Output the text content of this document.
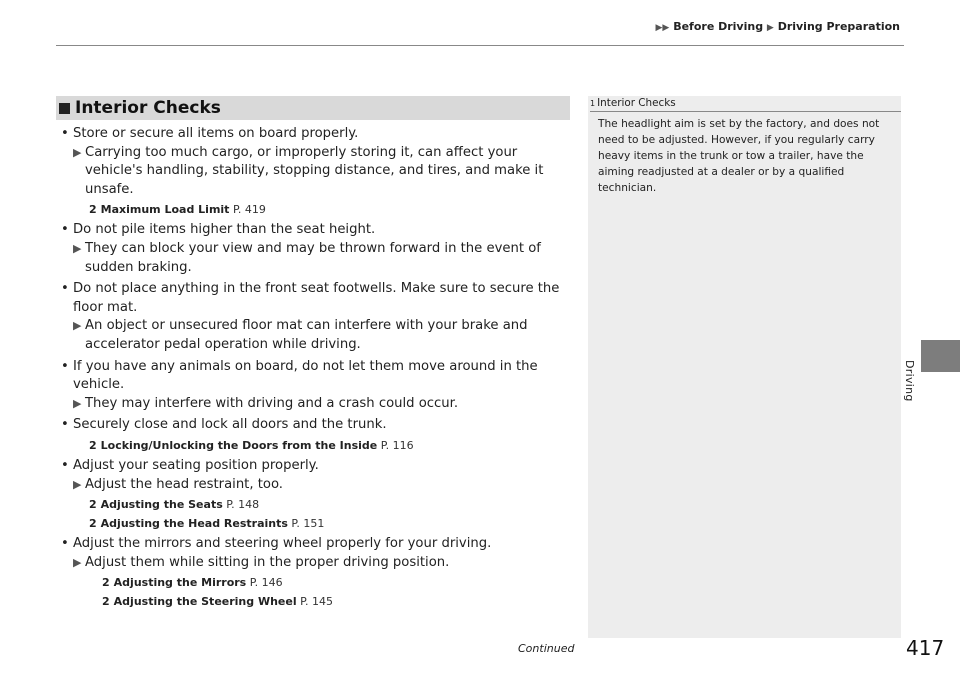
▶▶ Before Driving ▶ Driving Preparation
Interior Checks
• Store or secure all items on board properly.
▶ Carrying too much cargo, or improperly storing it, can affect your vehicle's handling, stability, stopping distance, and tires, and make it unsafe.
2 Maximum Load Limit P. 419
• Do not pile items higher than the seat height.
▶ They can block your view and may be thrown forward in the event of sudden braking.
• Do not place anything in the front seat footwells. Make sure to secure the floor mat.
▶ An object or unsecured floor mat can interfere with your brake and accelerator pedal operation while driving.
• If you have any animals on board, do not let them move around in the vehicle.
▶ They may interfere with driving and a crash could occur.
• Securely close and lock all doors and the trunk.
2 Locking/Unlocking the Doors from the Inside P. 116
• Adjust your seating position properly.
▶ Adjust the head restraint, too.
2 Adjusting the Seats P. 148
2 Adjusting the Head Restraints P. 151
• Adjust the mirrors and steering wheel properly for your driving.
▶ Adjust them while sitting in the proper driving position.
2 Adjusting the Mirrors P. 146
2 Adjusting the Steering Wheel P. 145
1 Interior Checks
The headlight aim is set by the factory, and does not need to be adjusted. However, if you regularly carry heavy items in the trunk or tow a trailer, have the aiming readjusted at a dealer or by a qualified technician.
Driving
Continued	417
